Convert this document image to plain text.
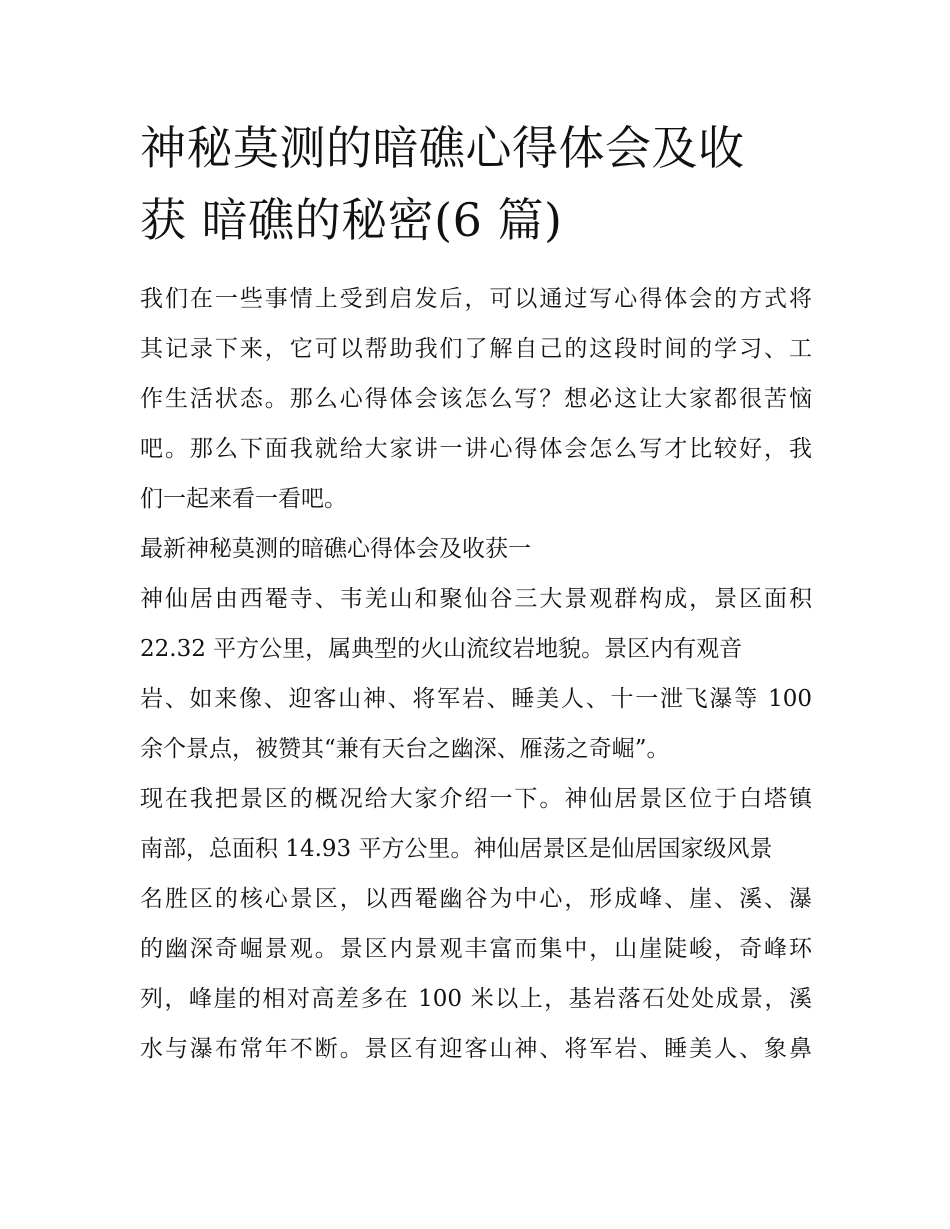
神秘莫测的暗礁心得体会及收
获 暗礁的秘密(6 篇)

我们在一些事情上受到启发后，可以通过写心得体会的方式将
其记录下来，它可以帮助我们了解自己的这段时间的学习、工
作生活状态。那么心得体会该怎么写？想必这让大家都很苦恼
吧。那么下面我就给大家讲一讲心得体会怎么写才比较好，我
们一起来看一看吧。

最新神秘莫测的暗礁心得体会及收获一

神仙居由西罨寺、韦羌山和聚仙谷三大景观群构成，景区面积
22.32 平方公里，属典型的火山流纹岩地貌。景区内有观音
岩、如来像、迎客山神、将军岩、睡美人、十一泄飞瀑等 100
余个景点，被赞其“兼有天台之幽深、雁荡之奇崛”。

现在我把景区的概况给大家介绍一下。神仙居景区位于白塔镇
南部，总面积 14.93 平方公里。神仙居景区是仙居国家级风景
名胜区的核心景区，以西罨幽谷为中心，形成峰、崖、溪、瀑
的幽深奇崛景观。景区内景观丰富而集中，山崖陡峻，奇峰环
列，峰崖的相对高差多在 100 米以上，基岩落石处处成景，溪
水与瀑布常年不断。景区有迎客山神、将军岩、睡美人、象鼻
